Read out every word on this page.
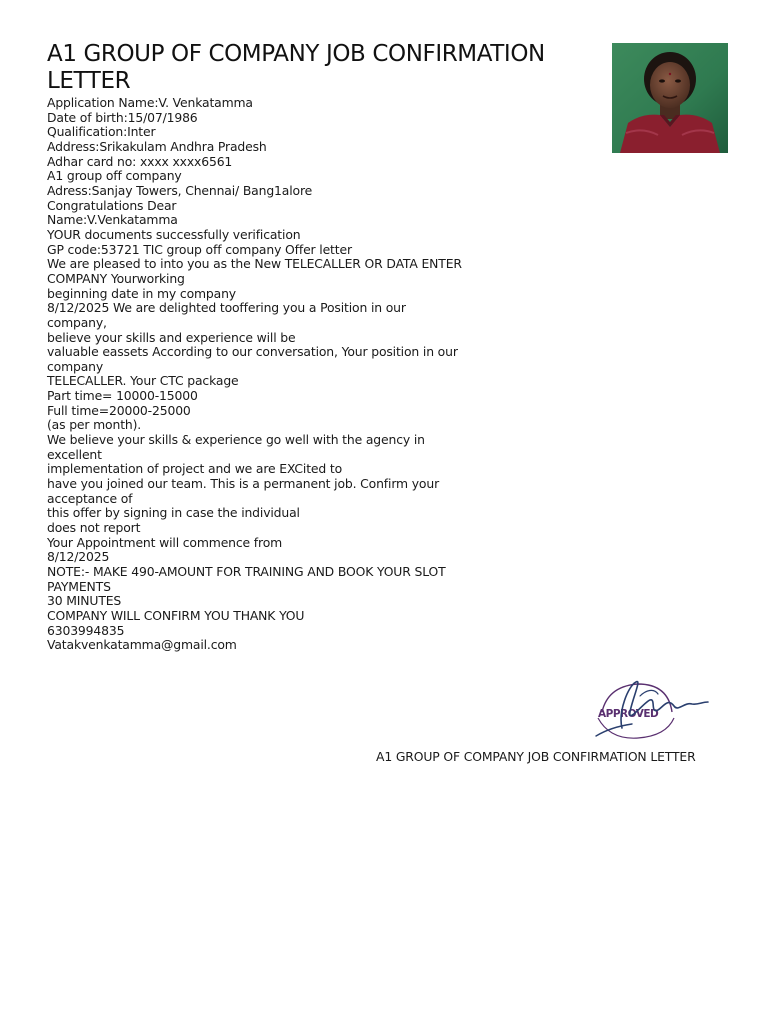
A1 GROUP OF COMPANY JOB CONFIRMATION LETTER
Application Name:V. Venkatamma
Date of birth:15/07/1986
Qualification:Inter
Address:Srikakulam Andhra Pradesh
Adhar card no: xxxx xxxx6561
A1 group off company
Adress:Sanjay Towers, Chennai/ Bang1alore
Congratulations Dear
Name:V.Venkatamma
YOUR documents successfully verification
GP code:53721 TIC group off company Offer letter
We are pleased to into you as the New TELECALLER OR DATA ENTER
COMPANY Yourworking
beginning date in my company
8/12/2025 We are delighted tooffering you a Position in our
company,
believe your skills and experience will be
valuable eassets According to our conversation, Your position in our
company
TELECALLER. Your CTC package
Part time= 10000-15000
Full time=20000-25000
(as per month).
We believe your skills & experience go well with the agency in
excellent
implementation of project and we are EXCited to
have you joined our team. This is a permanent job. Confirm your
acceptance of
this offer by signing in case the individual
does not report
Your Appointment will commence from
8/12/2025
NOTE:- MAKE 490-AMOUNT FOR TRAINING AND BOOK YOUR SLOT
PAYMENTS
30 MINUTES
COMPANY WILL CONFIRM YOU THANK YOU
6303994835
Vatakvenkatamma@gmail.com
APPROVED
A1 GROUP OF COMPANY JOB CONFIRMATION LETTER
